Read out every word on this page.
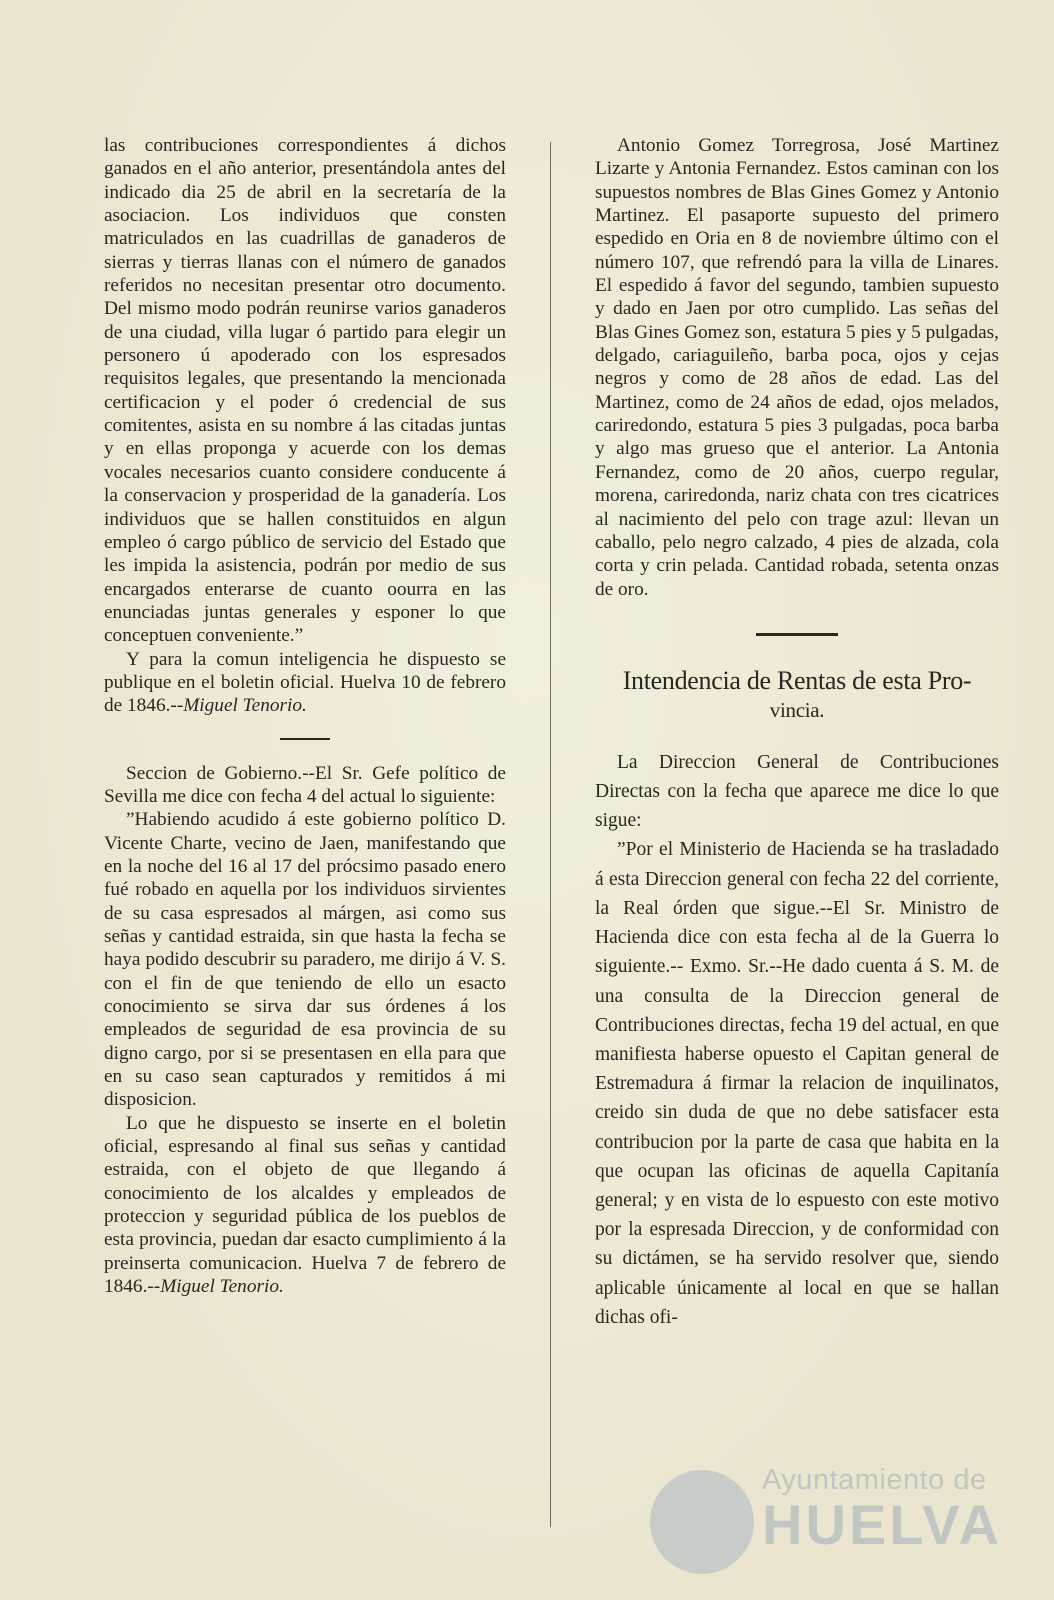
las contribuciones correspondientes á dichos ganados en el año anterior, presentándola antes del indicado dia 25 de abril en la secretaría de la asociacion. Los individuos que consten matriculados en las cuadrillas de ganaderos de sierras y tierras llanas con el número de ganados referidos no necesitan presentar otro documento. Del mismo modo podrán reunirse varios ganaderos de una ciudad, villa lugar ó partido para elegir un personero ú apoderado con los espresados requisitos legales, que presentando la mencionada certificacion y el poder ó credencial de sus comitentes, asista en su nombre á las citadas juntas y en ellas proponga y acuerde con los demas vocales necesarios cuanto considere conducente á la conservacion y prosperidad de la ganadería. Los individuos que se hallen constituidos en algun empleo ó cargo público de servicio del Estado que les impida la asistencia, podrán por medio de sus encargados enterarse de cuanto oourra en las enunciadas juntas generales y esponer lo que conceptuen conveniente.”

Y para la comun inteligencia he dispuesto se publique en el boletin oficial. Huelva 10 de febrero de 1846.--Miguel Tenorio.

Seccion de Gobierno.--El Sr. Gefe político de Sevilla me dice con fecha 4 del actual lo siguiente:

”Habiendo acudido á este gobierno político D. Vicente Charte, vecino de Jaen, manifestando que en la noche del 16 al 17 del prócsimo pasado enero fué robado en aquella por los individuos sirvientes de su casa espresados al márgen, asi como sus señas y cantidad estraida, sin que hasta la fecha se haya podido descubrir su paradero, me dirijo á V. S. con el fin de que teniendo de ello un esacto conocimiento se sirva dar sus órdenes á los empleados de seguridad de esa provincia de su digno cargo, por si se presentasen en ella para que en su caso sean capturados y remitidos á mi disposicion.

Lo que he dispuesto se inserte en el boletin oficial, espresando al final sus señas y cantidad estraida, con el objeto de que llegando á conocimiento de los alcaldes y empleados de proteccion y seguridad pública de los pueblos de esta provincia, puedan dar esacto cumplimiento á la preinserta comunicacion. Huelva 7 de febrero de 1846.--Miguel Tenorio.

Antonio Gomez Torregrosa, José Martinez Lizarte y Antonia Fernandez. Estos caminan con los supuestos nombres de Blas Gines Gomez y Antonio Martinez. El pasaporte supuesto del primero espedido en Oria en 8 de noviembre último con el número 107, que refrendó para la villa de Linares. El espedido á favor del segundo, tambien supuesto y dado en Jaen por otro cumplido. Las señas del Blas Gines Gomez son, estatura 5 pies y 5 pulgadas, delgado, cariaguileño, barba poca, ojos y cejas negros y como de 28 años de edad. Las del Martinez, como de 24 años de edad, ojos melados, cariredondo, estatura 5 pies 3 pulgadas, poca barba y algo mas grueso que el anterior. La Antonia Fernandez, como de 20 años, cuerpo regular, morena, cariredonda, nariz chata con tres cicatrices al nacimiento del pelo con trage azul: llevan un caballo, pelo negro calzado, 4 pies de alzada, cola corta y crin pelada. Cantidad robada, setenta onzas de oro.

Intendencia de Rentas de esta Pro-
vincia.

La Direccion General de Contribuciones Directas con la fecha que aparece me dice lo que sigue:

”Por el Ministerio de Hacienda se ha trasladado á esta Direccion general con fecha 22 del corriente, la Real órden que sigue.--El Sr. Ministro de Hacienda dice con esta fecha al de la Guerra lo siguiente.-- Exmo. Sr.--He dado cuenta á S. M. de una consulta de la Direccion general de Contribuciones directas, fecha 19 del actual, en que manifiesta haberse opuesto el Capitan general de Estremadura á firmar la relacion de inquilinatos, creido sin duda de que no debe satisfacer esta contribucion por la parte de casa que habita en la que ocupan las oficinas de aquella Capitanía general; y en vista de lo espuesto con este motivo por la espresada Direccion, y de conformidad con su dictámen, se ha servido resolver que, siendo aplicable únicamente al local en que se hallan dichas ofi-

Ayuntamiento de
HUELVA
